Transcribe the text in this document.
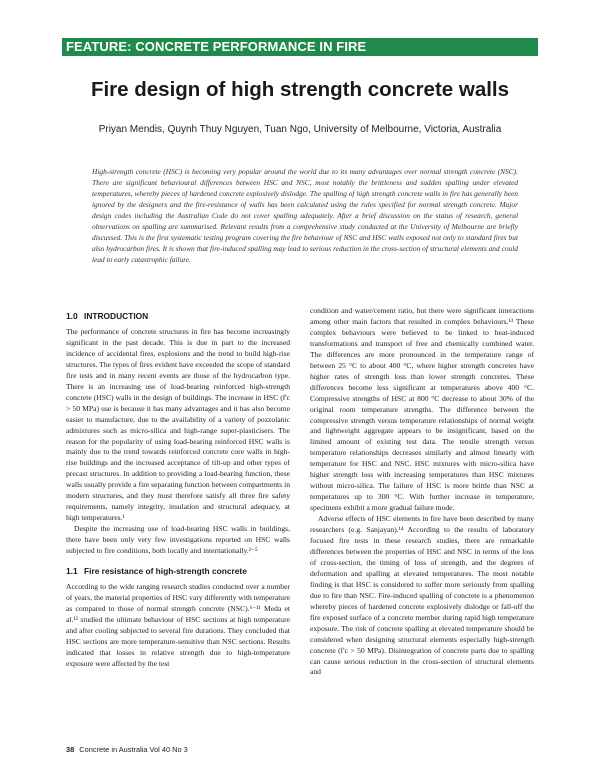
FEATURE: CONCRETE PERFORMANCE IN FIRE
Fire design of high strength concrete walls
Priyan Mendis, Quynh Thuy Nguyen, Tuan Ngo, University of Melbourne, Victoria, Australia
High-strength concrete (HSC) is becoming very popular around the world due to its many advantages over normal strength concrete (NSC). There are significant behavioural differences between HSC and NSC, most notably the brittleness and sudden spalling under elevated temperatures, whereby pieces of hardened concrete explosively dislodge. The spalling of high strength concrete walls in fire has generally been ignored by the designers and the fire-resistance of walls has been calculated using the rules specified for normal strength concrete. Major design codes including the Australian Code do not cover spalling adequately. After a brief discussion on the status of research, general observations on spalling are summarised. Relevant results from a comprehensive study conducted at the University of Melbourne are briefly discussed. This is the first systematic testing program covering the fire behaviour of NSC and HSC walls exposed not only to standard fires but also hydrocarbon fires. It is shown that fire-induced spalling may lead to serious reduction in the cross-section of structural elements and could lead to early catastrophic failure.
1.0 INTRODUCTION

The performance of concrete structures in fire has become increasingly significant in the past decade. This is due in part to the increased incidence of accidental fires, explosions and the trend to build high-rise structures. The types of fires evident have exceeded the scope of standard fire tests and in many recent events are those of the hydrocarbon type. There is an increasing use of load-bearing reinforced high-strength concrete (HSC) walls in the design of buildings. The increase in HSC (f'c > 50 MPa) use is because it has many advantages and it has also become easier to manufacture, due to the availability of a variety of pozzolanic admixtures such as micro-silica and high-range super-plasticisers. The reason for the popularity of using load-bearing reinforced HSC walls is mainly due to the trend towards reinforced concrete core walls in high-rise buildings and the increased acceptance of tilt-up and other types of precast structures. In addition to providing a load-bearing function, these walls usually provide a fire separating function between compartments in modern structures, and they must therefore satisfy all three fire safety requirements, namely integrity, insulation and structural adequacy, at high temperatures.¹

Despite the increasing use of load-bearing HSC walls in buildings, there have been only very few investigations reported on HSC walls subjected to fire conditions, both locally and internationally.²⁻⁵

1.1 Fire resistance of high-strength concrete

According to the wide ranging research studies conducted over a number of years, the material properties of HSC vary differently with temperature as compared to those of normal strength concrete (NSC).⁶⁻¹¹ Meda et al.¹² studied the ultimate behaviour of HSC sections at high temperature and after cooling subjected to several fire durations. They concluded that HSC sections are more temperature-sensitive than NSC sections. Results indicated that losses in relative strength due to high-temperature exposure were affected by the test

condition and water/cement ratio, but there were significant interactions among other main factors that resulted in complex behaviours.¹³ These complex behaviours were believed to be linked to heat-induced transformations and transport of free and chemically combined water. The differences are more pronounced in the temperature range of between 25 °C to about 400 °C, where higher strength concretes have higher rates of strength loss than lower strength concretes. These differences become less significant at temperatures above 400 °C. Compressive strengths of HSC at 800 °C decrease to about 30% of the original room temperature strengths. The difference between the compressive strength versus temperature relationships of normal weight and lightweight aggregate appears to be insignificant, based on the limited amount of existing test data. The tensile strength versus temperature relationships decreases similarly and almost linearly with temperature for HSC and NSC. HSC mixtures with micro-silica have higher strength loss with increasing temperatures than HSC mixtures without micro-silica. The failure of HSC is more brittle than NSC at temperatures up to 300 °C. With further increase in temperature, specimens exhibit a more gradual failure mode.

Adverse effects of HSC elements in fire have been described by many researchers (e.g. Sanjayan).¹⁴ According to the results of laboratory focused fire tests in these research studies, there are remarkable differences between the properties of HSC and NSC in terms of the loss of cross-section, the timing of loss of strength, and the degrees of deformation and spalling at elevated temperatures. The most notable finding is that HSC is considered to suffer more seriously from spalling due to fire than NSC. Fire-induced spalling of concrete is a phenomenon whereby pieces of hardened concrete explosively dislodge or fall-off the fire exposed surface of a concrete member during rapid high temperature exposure. The risk of concrete spalling at elevated temperature should be considered when designing structural elements especially high-strength concrete (f'c > 50 MPa). Disintegration of concrete parts due to spalling can cause serious reduction in the cross-section of structural elements and

38 Concrete in Australia Vol 40 No 3
